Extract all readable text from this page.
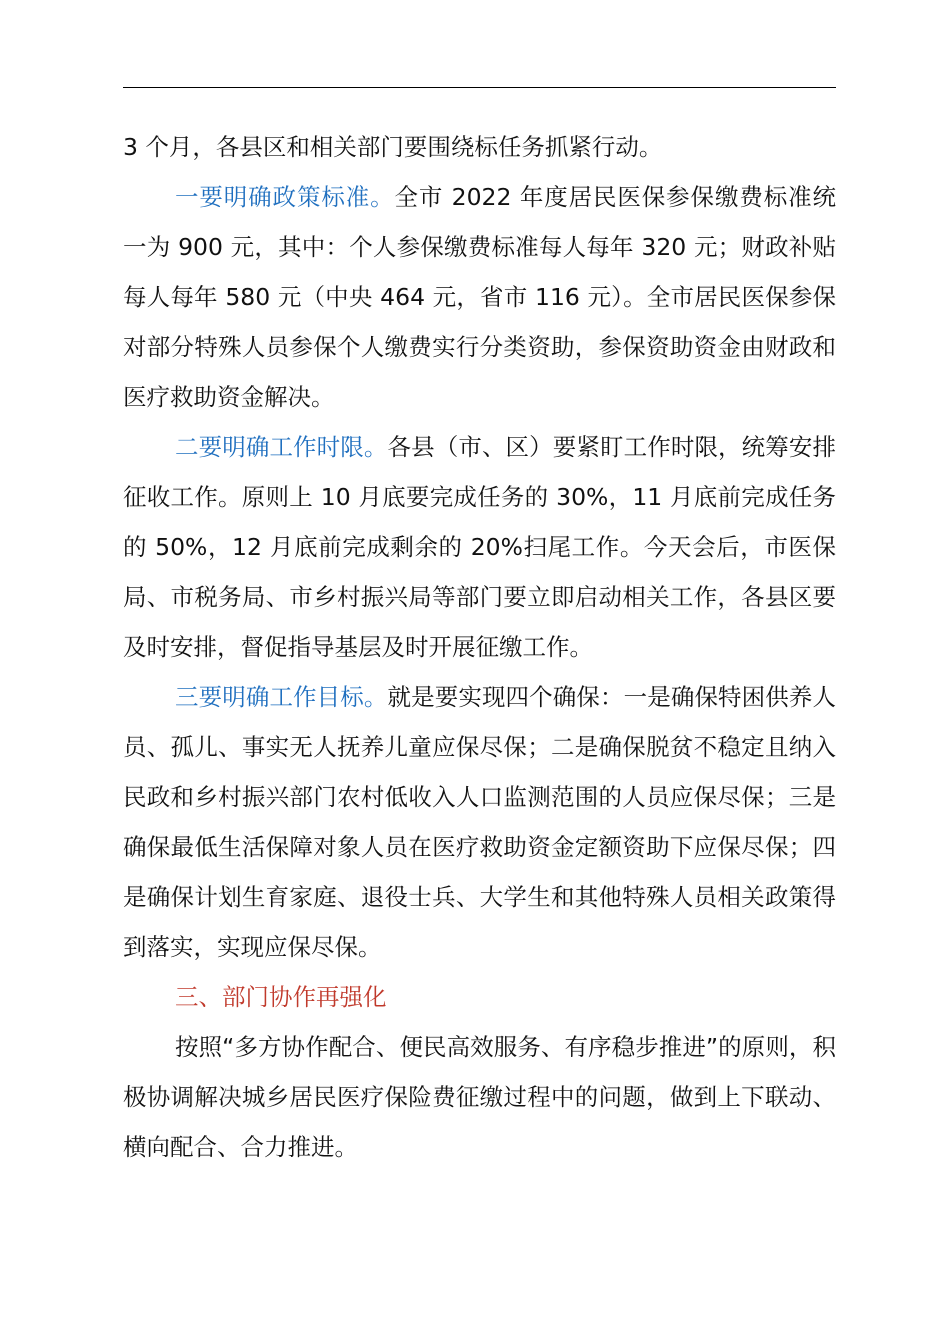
3 个月，各县区和相关部门要围绕标任务抓紧行动。

一要明确政策标准。全市 2022 年度居民医保参保缴费标准统一为 900 元，其中：个人参保缴费标准每人每年 320 元；财政补贴每人每年 580 元（中央 464 元，省市 116 元）。全市居民医保参保对部分特殊人员参保个人缴费实行分类资助，参保资助资金由财政和医疗救助资金解决。

二要明确工作时限。各县（市、区）要紧盯工作时限，统筹安排征收工作。原则上 10 月底要完成任务的 30%，11 月底前完成任务的 50%，12 月底前完成剩余的 20%扫尾工作。今天会后，市医保局、市税务局、市乡村振兴局等部门要立即启动相关工作，各县区要及时安排，督促指导基层及时开展征缴工作。

三要明确工作目标。就是要实现四个确保：一是确保特困供养人员、孤儿、事实无人抚养儿童应保尽保；二是确保脱贫不稳定且纳入民政和乡村振兴部门农村低收入人口监测范围的人员应保尽保；三是确保最低生活保障对象人员在医疗救助资金定额资助下应保尽保；四是确保计划生育家庭、退役士兵、大学生和其他特殊人员相关政策得到落实，实现应保尽保。

三、部门协作再强化

按照“多方协作配合、便民高效服务、有序稳步推进”的原则，积极协调解决城乡居民医疗保险费征缴过程中的问题，做到上下联动、横向配合、合力推进。
